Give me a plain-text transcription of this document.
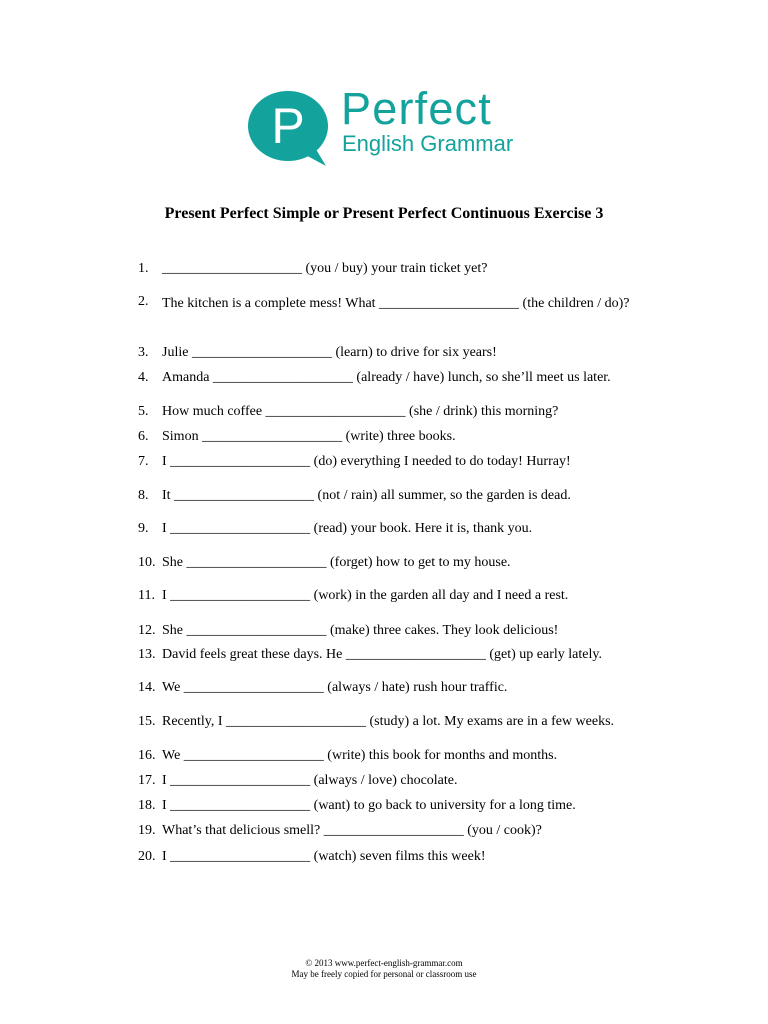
P Perfect
English Grammar
Present Perfect Simple or Present Perfect Continuous Exercise 3
1. ____________________ (you / buy) your train ticket yet?
2. The kitchen is a complete mess! What ____________________ (the children / do)?
3. Julie ____________________ (learn) to drive for six years!
4. Amanda ____________________ (already / have) lunch, so she’ll meet us later.
5. How much coffee ____________________ (she / drink) this morning?
6. Simon ____________________ (write) three books.
7. I ____________________ (do) everything I needed to do today! Hurray!
8. It ____________________ (not / rain) all summer, so the garden is dead.
9. I ____________________ (read) your book. Here it is, thank you.
10. She ____________________ (forget) how to get to my house.
11. I ____________________ (work) in the garden all day and I need a rest.
12. She ____________________ (make) three cakes. They look delicious!
13. David feels great these days. He ____________________ (get) up early lately.
14. We ____________________ (always / hate) rush hour traffic.
15. Recently, I ____________________ (study) a lot. My exams are in a few weeks.
16. We ____________________ (write) this book for months and months.
17. I ____________________ (always / love) chocolate.
18. I ____________________ (want) to go back to university for a long time.
19. What’s that delicious smell? ____________________ (you / cook)?
20. I ____________________ (watch) seven films this week!
© 2013 www.perfect-english-grammar.com
May be freely copied for personal or classroom use
